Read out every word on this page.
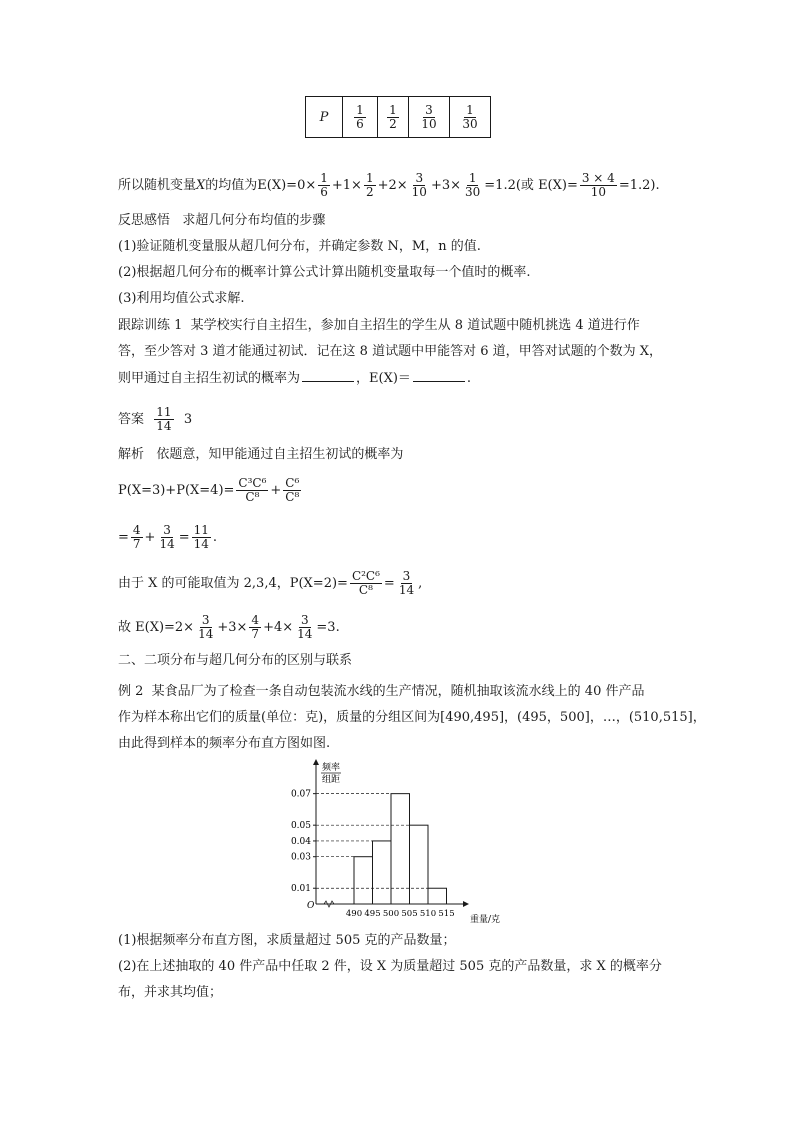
P	$\frac{1}{6}$	$\frac{1}{2}$	$\frac{3}{10}$	$\frac{1}{30}$
所以随机变量X的均值为$E(X)=0\times \frac{1}{6} +1\times \frac{1}{2} +2\times \frac{3}{10} +3\times \frac{1}{30} =1.2$(或 $E(X)= \frac{3 \times 4}{10} =1.2$).
反思感悟 求超几何分布均值的步骤
(1)验证随机变量服从超几何分布，并确定参数 N，M，n 的值.
(2)根据超几何分布的概率计算公式计算出随机变量取每一个值时的概率.
(3)利用均值公式求解.
跟踪训练 1 某学校实行自主招生，参加自主招生的学生从 8 道试题中随机挑选 4 道进行作
答，至少答对 3 道才能通过初试．记在这 8 道试题中甲能答对 6 道，甲答对试题的个数为 X，
则甲通过自主招生初试的概率为	，E(X)＝	.
答案 $\frac{11}{14} 3$
解析 依题意，知甲能通过自主招生初试的概率为
$P(X=3)+P(X=4)= \frac{\text{C³C⁶}}{\text{C⁸}} + \frac{\text{C⁶}}{\text{C⁸}}$
= $\frac{4}{7} + \frac{3}{14} = \frac{11}{14}$ .
由于 X 的可能取值为 2,3,4，$P(X=2)= \frac{\text{C²C⁶}}{\text{C⁸}} = \frac{3}{14}$ ,
故 $E(X)=2\times \frac{3}{14} +3\times \frac{4}{7} +4\times \frac{3}{14} =3$.
二、二项分布与超几何分布的区别与联系
例 2 某食品厂为了检查一条自动包装流水线的生产情况，随机抽取该流水线上的 40 件产品
作为样本称出它们的质量(单位：克)，质量的分组区间为[490,495]，(495，500]，…，(510,515]，
由此得到样本的频率分布直方图如图.
频率
组距
O
重量/克
0.01
0.03
0.04
0.05
0.07
490 495 500 505 510 515
(1)根据频率分布直方图，求质量超过 505 克的产品数量；
(2)在上述抽取的 40 件产品中任取 2 件，设 X 为质量超过 505 克的产品数量，求 X 的概率分
布，并求其均值；
